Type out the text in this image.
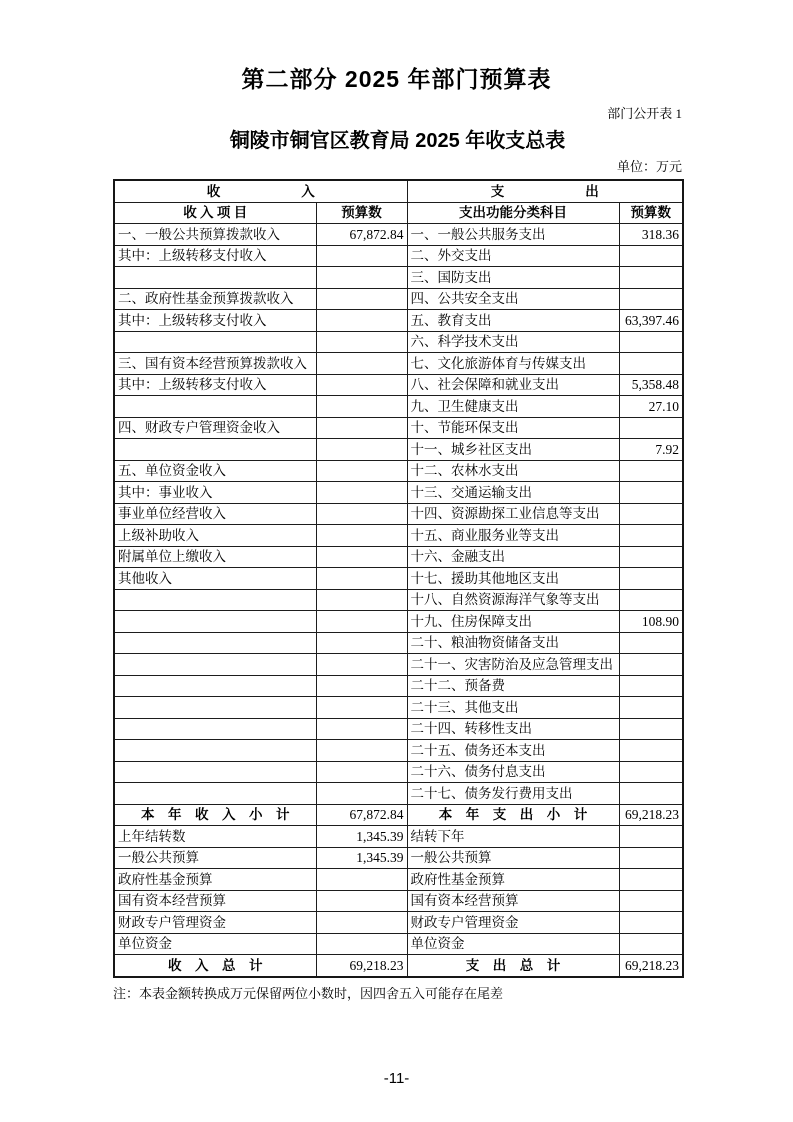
第二部分 2025 年部门预算表
部门公开表 1
铜陵市铜官区教育局 2025 年收支总表
单位：万元
收　　　　　　入		支　　　　　　出	
收 入 项 目	预算数	支出功能分类科目	预算数
一、一般公共预算拨款收入	67,872.84	一、一般公共服务支出	318.36
其中：上级转移支付收入		二、外交支出	
		三、国防支出	
二、政府性基金预算拨款收入		四、公共安全支出	
其中：上级转移支付收入		五、教育支出	63,397.46
		六、科学技术支出	
三、国有资本经营预算拨款收入		七、文化旅游体育与传媒支出	
其中：上级转移支付收入		八、社会保障和就业支出	5,358.48
		九、卫生健康支出	27.10
四、财政专户管理资金收入		十、节能环保支出	
		十一、城乡社区支出	7.92
五、单位资金收入		十二、农林水支出	
其中：事业收入		十三、交通运输支出	
事业单位经营收入		十四、资源勘探工业信息等支出	
上级补助收入		十五、商业服务业等支出	
附属单位上缴收入		十六、金融支出	
其他收入		十七、援助其他地区支出	
		十八、自然资源海洋气象等支出	
		十九、住房保障支出	108.90
		二十、粮油物资储备支出	
		二十一、灾害防治及应急管理支出	
		二十二、预备费	
		二十三、其他支出	
		二十四、转移性支出	
		二十五、债务还本支出	
		二十六、债务付息支出	
		二十七、债务发行费用支出	
本　年　收　入　小　计	67,872.84	本　年　支　出　小　计	69,218.23
上年结转数	1,345.39	结转下年	
一般公共预算	1,345.39	一般公共预算	
政府性基金预算		政府性基金预算	
国有资本经营预算		国有资本经营预算	
财政专户管理资金		财政专户管理资金	
单位资金		单位资金	
收　入　总　计	69,218.23	支　出　总　计	69,218.23
注：本表金额转换成万元保留两位小数时，因四舍五入可能存在尾差
-11-
